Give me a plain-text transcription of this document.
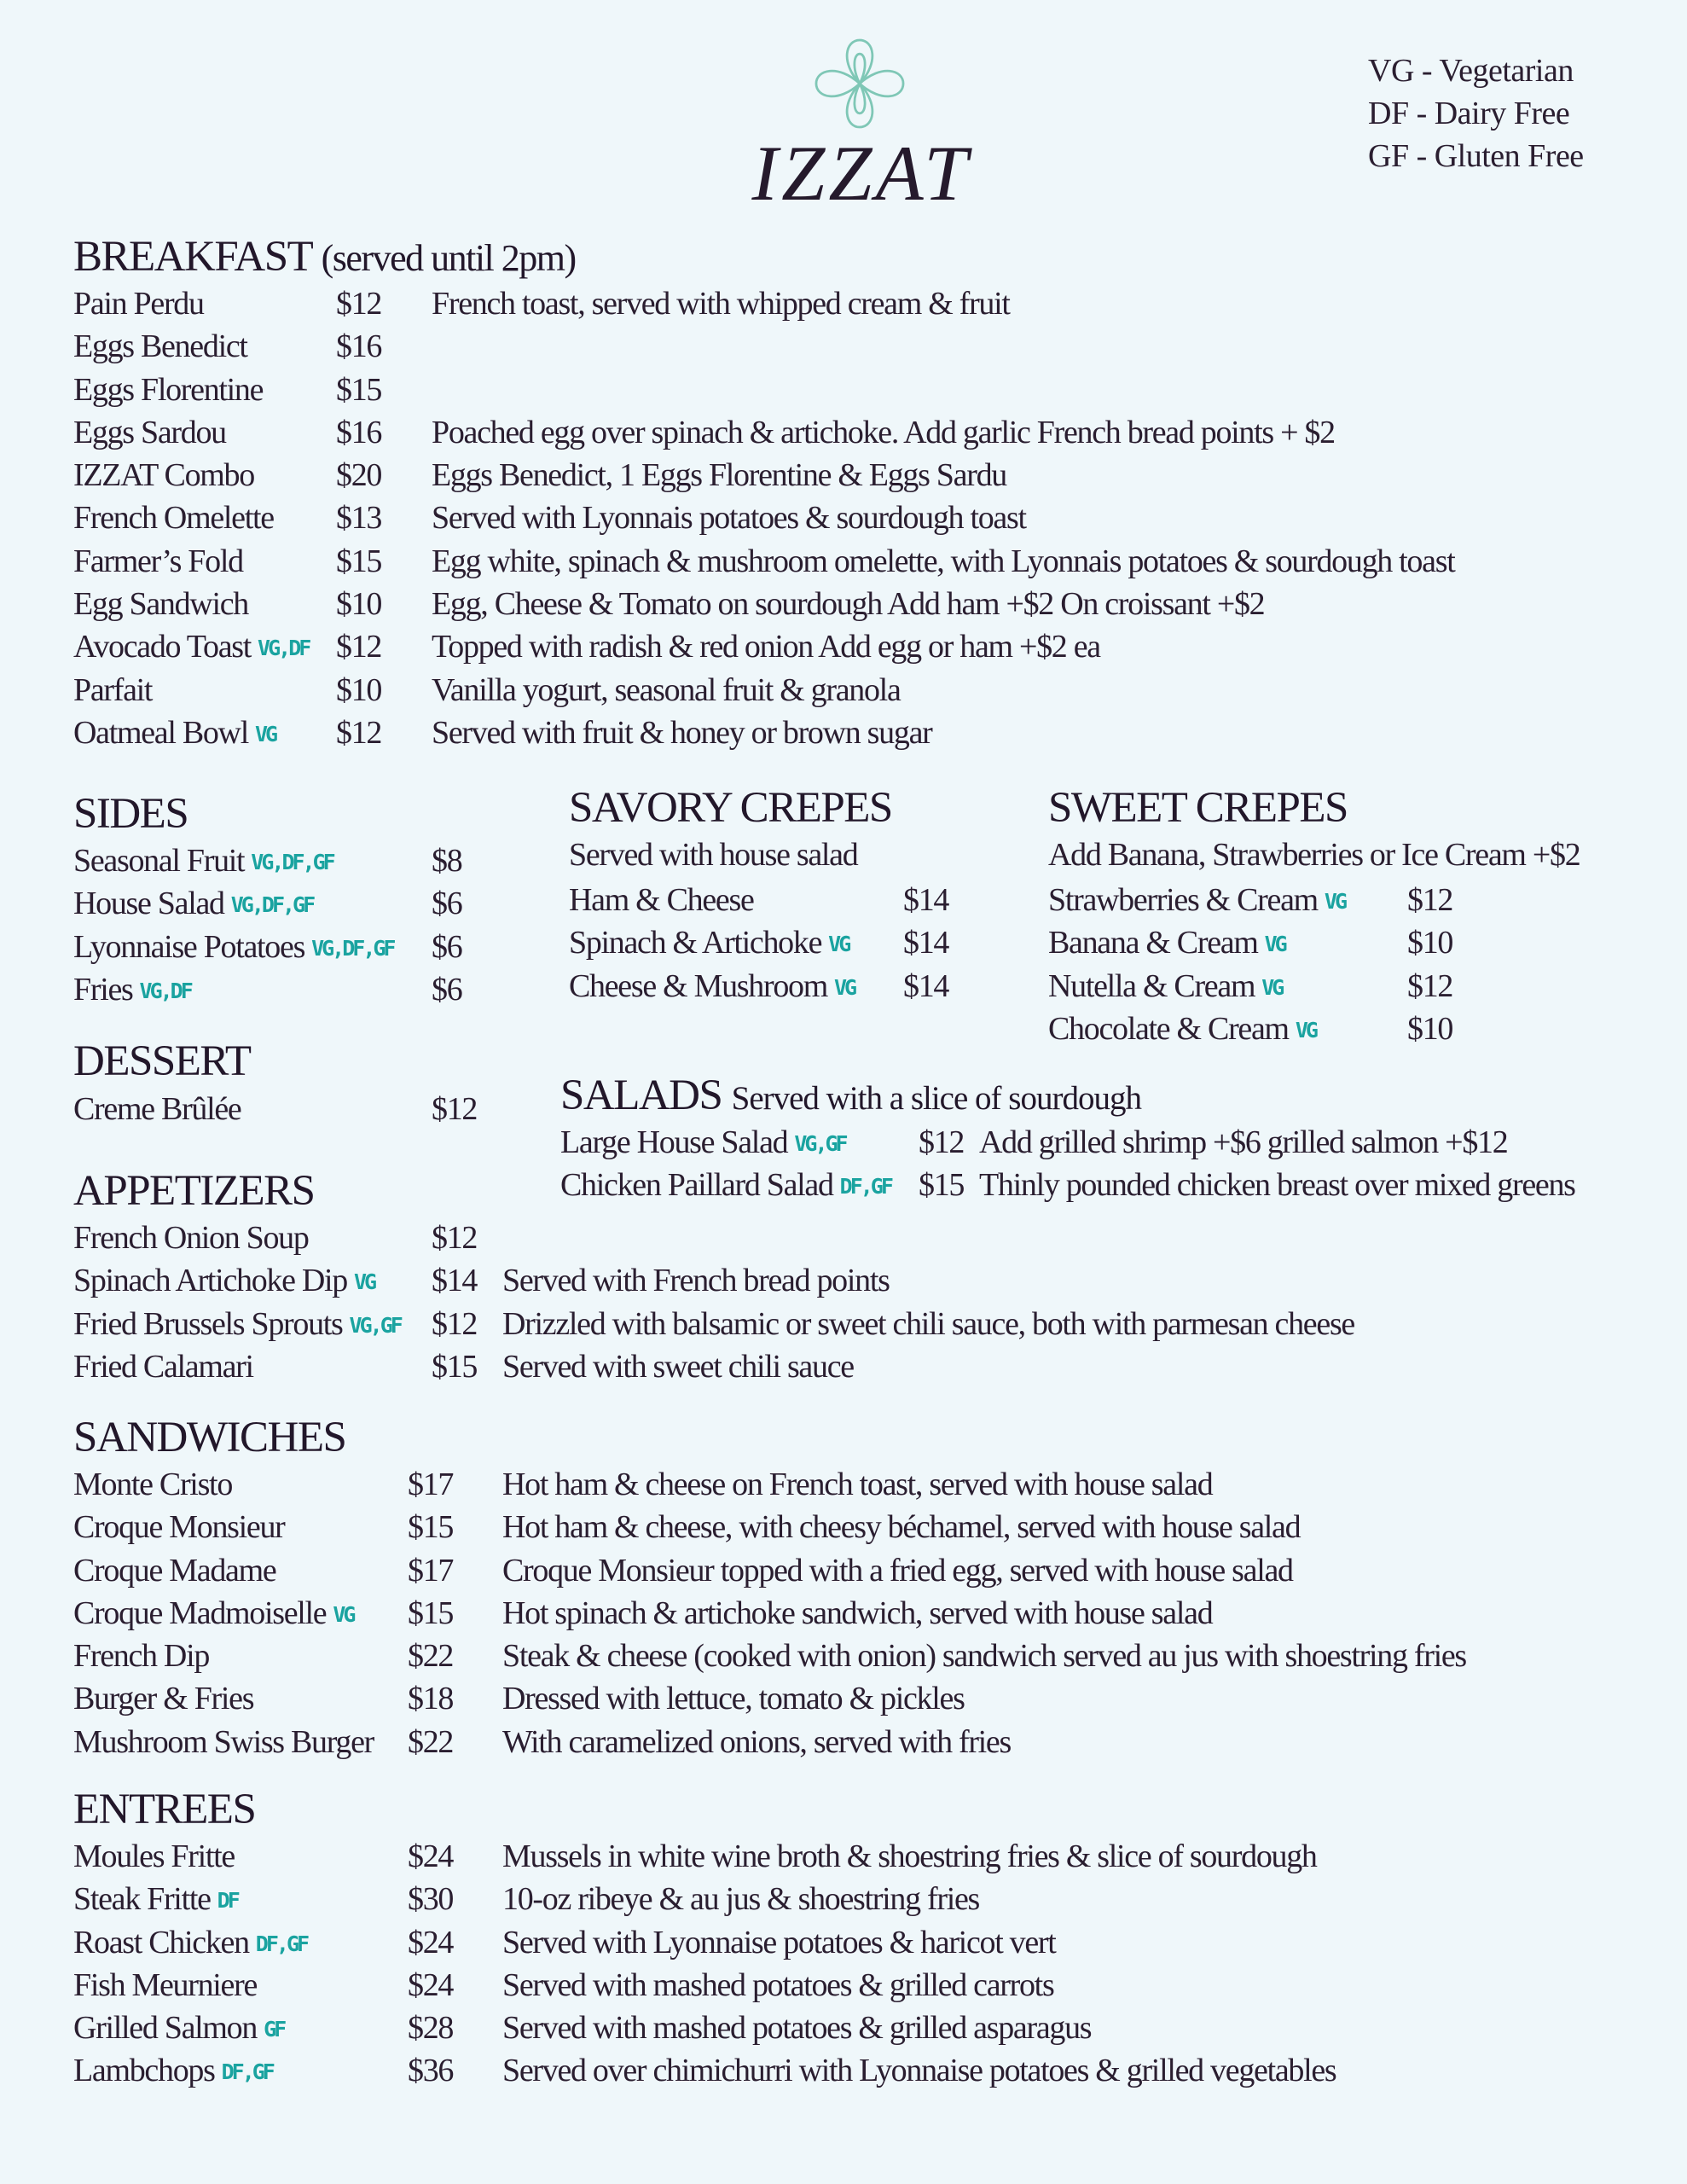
IZZAT
VG - Vegetarian
DF - Dairy Free
GF - Gluten Free
BREAKFAST (served until 2pm)
Pain Perdu	$12 French toast, served with whipped cream & fruit
Eggs Benedict	$16
Eggs Florentine $15
Eggs Sardou	$16 Poached egg over spinach & artichoke. Add garlic French bread points + $2
IZZAT Combo	$20 Eggs Benedict, 1 Eggs Florentine & Eggs Sardu
French Omelette $13 Served with Lyonnais potatoes & sourdough toast
Farmer’s Fold	$15 Egg white, spinach & mushroom omelette, with Lyonnais potatoes & sourdough toast
Egg Sandwich	$10 Egg, Cheese & Tomato on sourdough Add ham +$2 On croissant +$2
Avocado Toast VG,DF $12 Topped with radish & red onion Add egg or ham +$2 ea
Parfait	$10 Vanilla yogurt, seasonal fruit & granola
Oatmeal Bowl VG $12 Served with fruit & honey or brown sugar
SIDES
Seasonal Fruit VG,DF,GF	$8
House Salad VG,DF,GF	$6
Lyonnaise Potatoes VG,DF,GF $6
Fries VG,DF	$6
SAVORY CREPES
Served with house salad
Ham & Cheese	$14
Spinach & Artichoke VG $14
Cheese & Mushroom VG $14
SWEET CREPES
Add Banana, Strawberries or Ice Cream +$2
Strawberries & Cream VG $12
Banana & Cream VG	$10
Nutella & Cream VG	$12
Chocolate & Cream VG	$10
DESSERT
Creme Brûlée	$12 SALADS Served with a slice of sourdough
Large House Salad VG,GF $12 Add grilled shrimp +$6 grilled salmon +$12
Chicken Paillard Salad DF,GF $15 Thinly pounded chicken breast over mixed greens
APPETIZERS
French Onion Soup	$12
Spinach Artichoke Dip VG $14 Served with French bread points
Fried Brussels Sprouts VG,GF $12 Drizzled with balsamic or sweet chili sauce, both with parmesan cheese
Fried Calamari	$15 Served with sweet chili sauce
SANDWICHES
Monte Cristo	$17 Hot ham & cheese on French toast, served with house salad
Croque Monsieur	$15 Hot ham & cheese, with cheesy béchamel, served with house salad
Croque Madame	$17 Croque Monsieur topped with a fried egg, served with house salad
Croque Madmoiselle VG $15 Hot spinach & artichoke sandwich, served with house salad
French Dip	$22 Steak & cheese (cooked with onion) sandwich served au jus with shoestring fries
Burger & Fries	$18 Dressed with lettuce, tomato & pickles
Mushroom Swiss Burger $22 With caramelized onions, served with fries
ENTREES
Moules Fritte	$24 Mussels in white wine broth & shoestring fries & slice of sourdough
Steak Fritte DF	$30 10-oz ribeye & au jus & shoestring fries
Roast Chicken DF,GF	$24 Served with Lyonnaise potatoes & haricot vert
Fish Meurniere	$24 Served with mashed potatoes & grilled carrots
Grilled Salmon GF	$28 Served with mashed potatoes & grilled asparagus
Lambchops DF,GF	$36 Served over chimichurri with Lyonnaise potatoes & grilled vegetables
